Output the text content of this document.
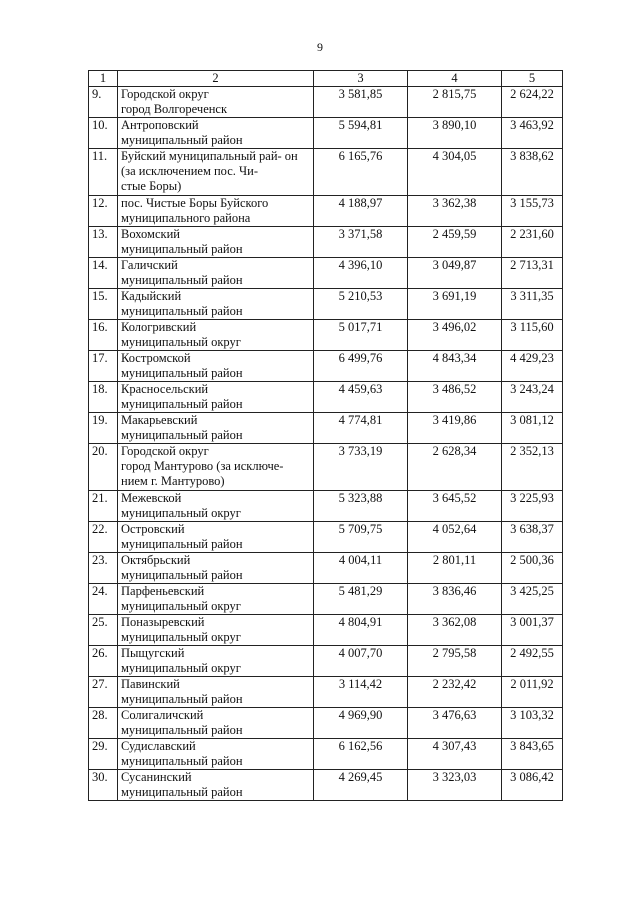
9
1	2	3	4	5
9.	Городской округ
город Волгореченск	3 581,85	2 815,75	2 624,22
10.	Антроповский
муниципальный район	5 594,81	3 890,10	3 463,92
11.	Буйский муниципальный рай- он
(за исключением пос. Чи-
стые Боры)	6 165,76	4 304,05	3 838,62
12.	пос. Чистые Боры Буйского
муниципального района	4 188,97	3 362,38	3 155,73
13.	Вохомский
муниципальный район	3 371,58	2 459,59	2 231,60
14.	Галичский
муниципальный район	4 396,10	3 049,87	2 713,31
15.	Кадыйский
муниципальный район	5 210,53	3 691,19	3 311,35
16.	Кологривский
муниципальный округ	5 017,71	3 496,02	3 115,60
17.	Костромской
муниципальный район	6 499,76	4 843,34	4 429,23
18.	Красносельский
муниципальный район	4 459,63	3 486,52	3 243,24
19.	Макарьевский
муниципальный район	4 774,81	3 419,86	3 081,12
20.	Городской округ
город Мантурово (за исключе-
нием г. Мантурово)	3 733,19	2 628,34	2 352,13
21.	Межевской
муниципальный округ	5 323,88	3 645,52	3 225,93
22.	Островский
муниципальный район	5 709,75	4 052,64	3 638,37
23.	Октябрьский
муниципальный район	4 004,11	2 801,11	2 500,36
24.	Парфеньевский
муниципальный округ	5 481,29	3 836,46	3 425,25
25.	Поназыревский
муниципальный округ	4 804,91	3 362,08	3 001,37
26.	Пыщугский
муниципальный округ	4 007,70	2 795,58	2 492,55
27.	Павинский
муниципальный район	3 114,42	2 232,42	2 011,92
28.	Солигаличский
муниципальный район	4 969,90	3 476,63	3 103,32
29.	Судиславский
муниципальный район	6 162,56	4 307,43	3 843,65
30.	Сусанинский
муниципальный район	4 269,45	3 323,03	3 086,42
